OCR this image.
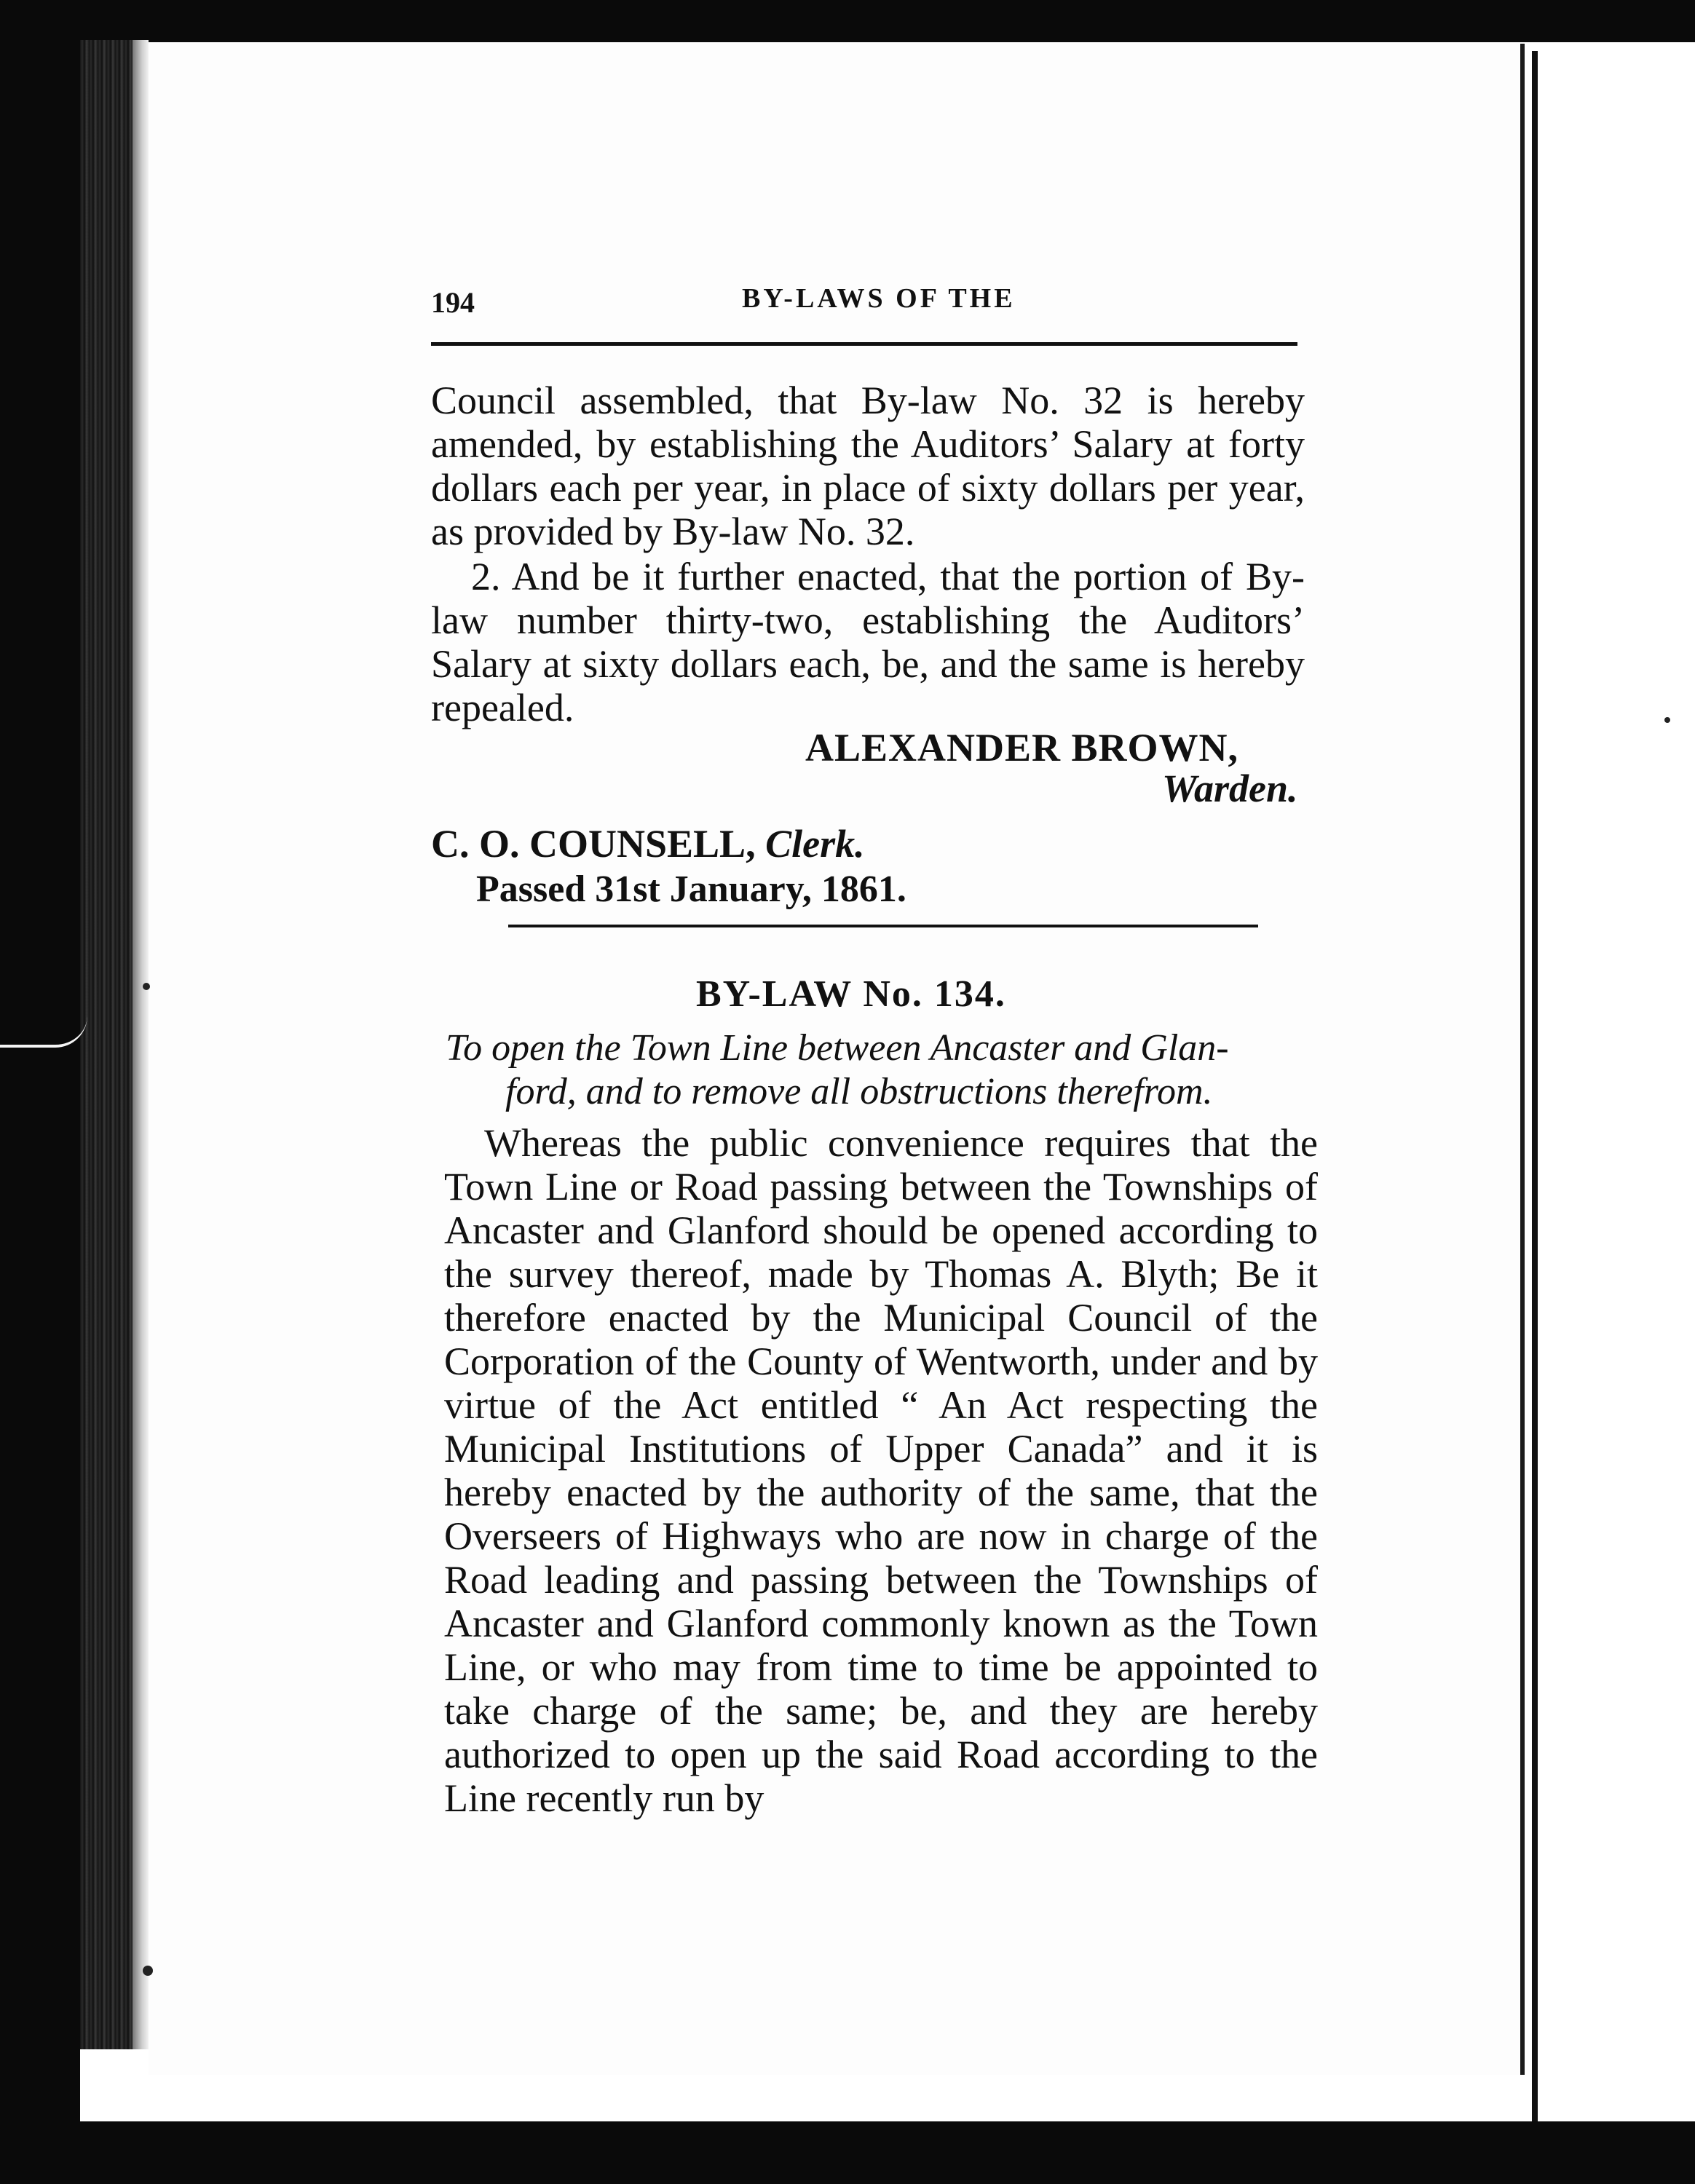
194	BY-LAWS OF THE

Council assembled, that By-law No. 32 is hereby amended, by establishing the Auditors’ Salary at forty dollars each per year, in place of sixty dollars per year, as provided by By-law No. 32.

2. And be it further enacted, that the portion of By-law number thirty-two, establishing the Auditors’ Salary at sixty dollars each, be, and the same is hereby repealed.

ALEXANDER BROWN,
Warden.
C. O. COUNSELL, Clerk.
Passed 31st January, 1861.
BY-LAW No. 134.
To open the Town Line between Ancaster and Glan-
ford, and to remove all obstructions therefrom.

Whereas the public convenience requires that the Town Line or Road passing between the Townships of Ancaster and Glanford should be opened according to the survey thereof, made by Thomas A. Blyth; Be it therefore enacted by the Municipal Council of the Corporation of the County of Wentworth, under and by virtue of the Act entitled “ An Act respecting the Municipal Institutions of Upper Canada” and it is hereby enacted by the authority of the same, that the Overseers of Highways who are now in charge of the Road leading and passing between the Townships of Ancaster and Glanford commonly known as the Town Line, or who may from time to time be appointed to take charge of the same; be, and they are hereby authorized to open up the said Road according to the Line recently run by
